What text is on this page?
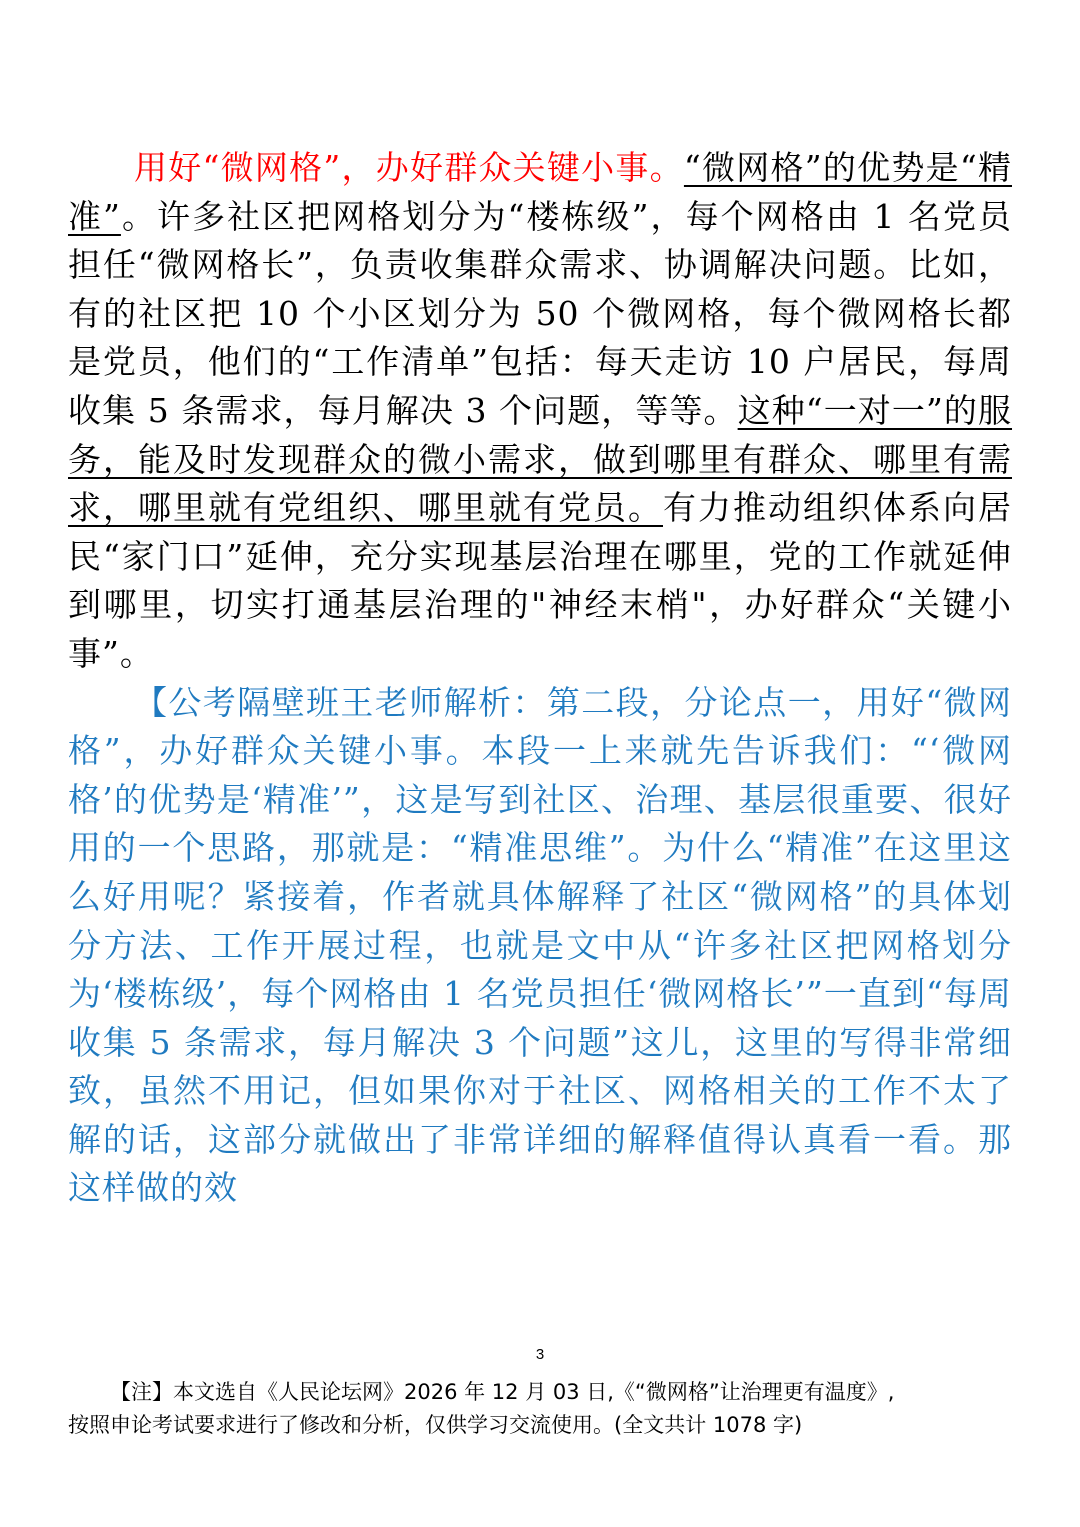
用好“微网格”，办好群众关键小事。“微网格”的优势是“精准”。许多社区把网格划分为“楼栋级”，每个网格由 1 名党员担任“微网格长”，负责收集群众需求、协调解决问题。比如，有的社区把 10 个小区划分为 50 个微网格，每个微网格长都是党员，他们的“工作清单”包括：每天走访 10 户居民，每周收集 5 条需求，每月解决 3 个问题，等等。这种“一对一”的服务，能及时发现群众的微小需求，做到哪里有群众、哪里有需求，哪里就有党组织、哪里就有党员。有力推动组织体系向居民“家门口”延伸，充分实现基层治理在哪里，党的工作就延伸到哪里，切实打通基层治理的"神经末梢"，办好群众“关键小事”。

【公考隔壁班王老师解析：第二段，分论点一，用好“微网格”，办好群众关键小事。本段一上来就先告诉我们：“‘微网格’的优势是‘精准’”，这是写到社区、治理、基层很重要、很好用的一个思路，那就是：“精准思维”。为什么“精准”在这里这么好用呢？紧接着，作者就具体解释了社区“微网格”的具体划分方法、工作开展过程，也就是文中从“许多社区把网格划分为‘楼栋级’，每个网格由 1 名党员担任‘微网格长’”一直到“每周收集 5 条需求，每月解决 3 个问题”这儿，这里的写得非常细致，虽然不用记，但如果你对于社区、网格相关的工作不太了解的话，这部分就做出了非常详细的解释值得认真看一看。那这样做的效

3

【注】本文选自《人民论坛网》2026 年 12 月 03 日,《“微网格”让治理更有温度》,

按照申论考试要求进行了修改和分析，仅供学习交流使用。(全文共计 1078 字)
